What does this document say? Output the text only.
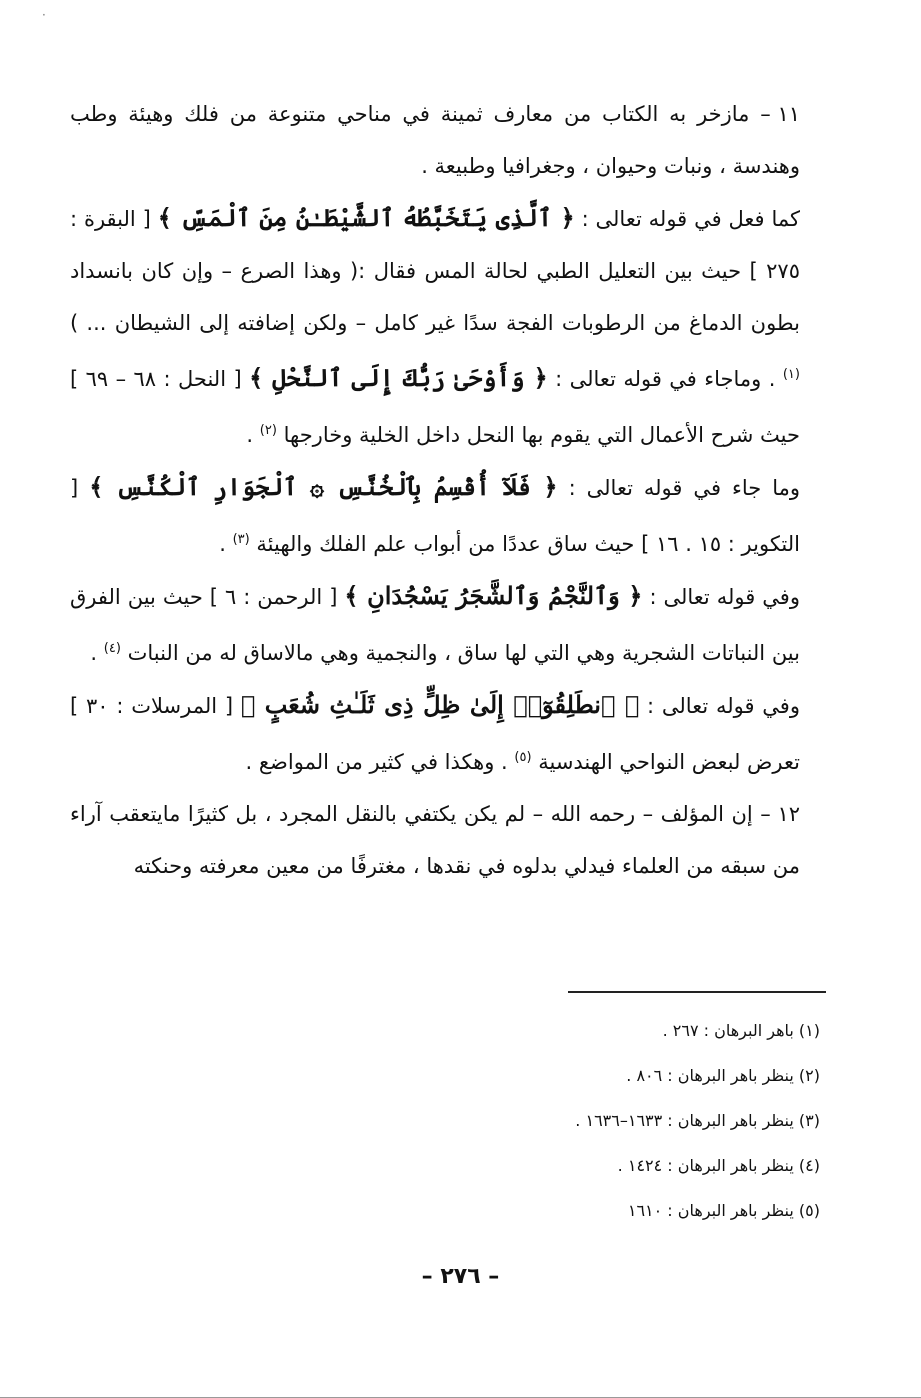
·

١١ – مازخر به الكتاب من معارف ثمينة في مناحي متنوعة من فلك وهيئة وطب وهندسة ، ونبات وحيوان ، وجغرافيا وطبيعة .

كما فعل في قوله تعالى : ﴿ ٱلَّذِى يَتَخَبَّطُهُ ٱلشَّيْطَـٰنُ مِنَ ٱلْمَسِّ ﴾ [ البقرة : ٢٧٥ ] حيث بين التعليل الطبي لحالة المس فقال :( وهذا الصرع – وإن كان بانسداد بطون الدماغ من الرطوبات الفجة سدًا غير كامل – ولكن إضافته إلى الشيطان ... ) $^{(١)}$ . وماجاء في قوله تعالى : ﴿ وَأَوْحَىٰ رَبُّكَ إِلَى ٱلنَّحْلِ ﴾ [ النحل : ٦٨ – ٦٩ ] حيث شرح الأعمال التي يقوم بها النحل داخل الخلية وخارجها $^{(٢)}$ .

وما جاء في قوله تعالى : ﴿ فَلَآ أُقْسِمُ بِٱلْخُنَّسِ ۞ ٱلْجَوَارِ ٱلْكُنَّسِ ﴾ [ التكوير : ١٥ . ١٦ ] حيث ساق عددًا من أبواب علم الفلك والهيئة $^{(٣)}$ .

وفي قوله تعالى : ﴿ وَٱلنَّجْمُ وَٱلشَّجَرُ يَسْجُدَانِ ﴾ [ الرحمن : ٦ ] حيث بين الفرق بين النباتات الشجرية وهي التي لها ساق ، والنجمية وهي مالاساق له من النبات $^{(٤)}$ .

وفي قوله تعالى : ﴿ ٱنطَلِقُوٓا۟ إِلَىٰ ظِلٍّ ذِى ثَلَـٰثِ شُعَبٍ ﴾ [ المرسلات : ٣٠ ] تعرض لبعض النواحي الهندسية $^{(٥)}$ . وهكذا في كثير من المواضع .

١٢ – إن المؤلف – رحمه الله – لم يكن يكتفي بالنقل المجرد ، بل كثيرًا مايتعقب آراء من سبقه من العلماء فيدلي بدلوه في نقدها ، مغترفًا من معين معرفته وحنكته

(١) باهر البرهان : ٢٦٧ .
(٢) ينظر باهر البرهان : ٨٠٦ .
(٣) ينظر باهر البرهان : ١٦٣٣–١٦٣٦ .
(٤) ينظر باهر البرهان : ١٤٢٤ .
(٥) ينظر باهر البرهان : ١٦١٠
– ٢٧٦ –
